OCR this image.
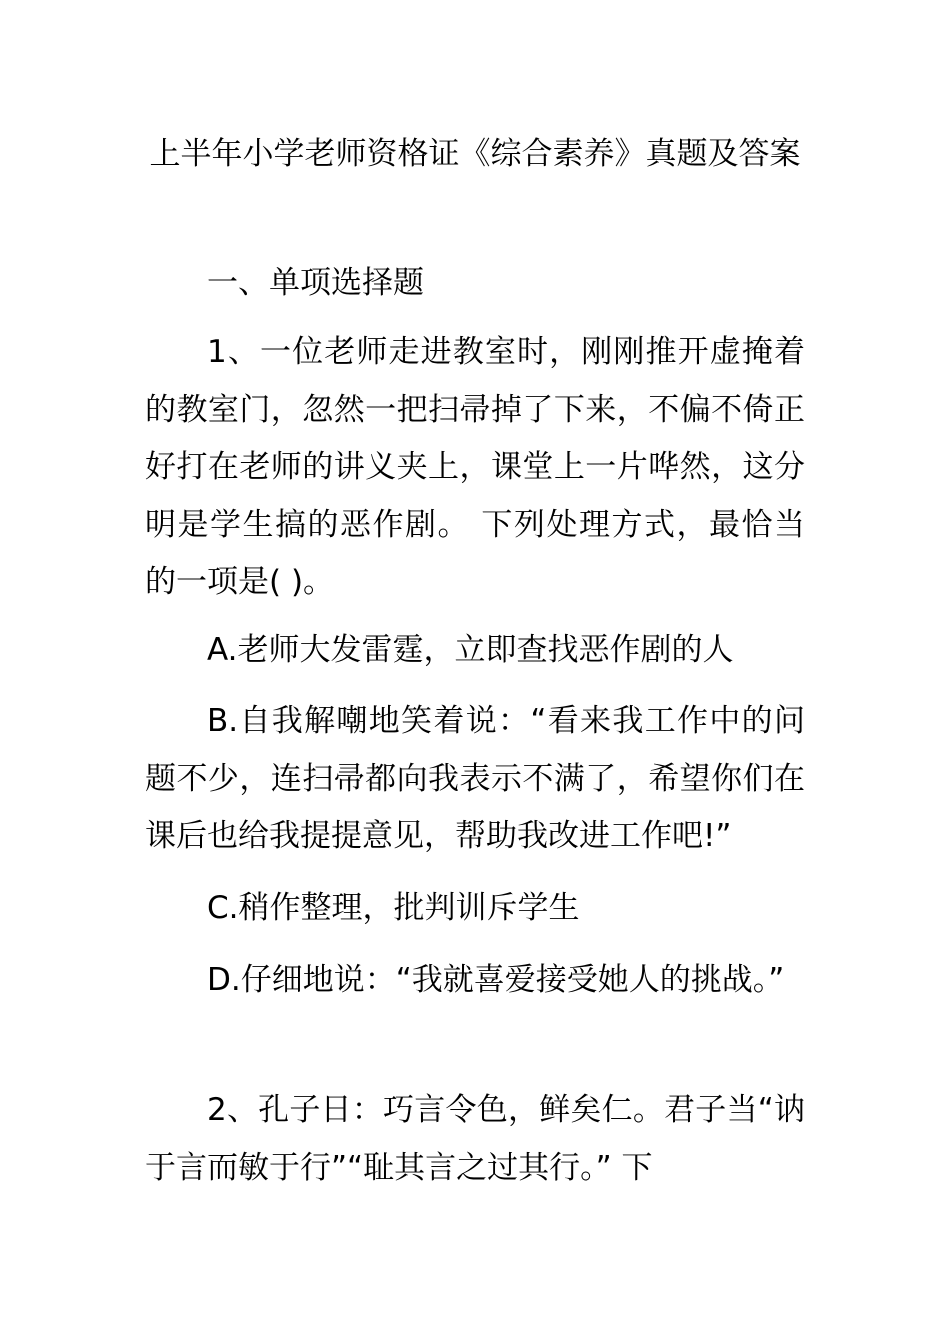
上半年小学老师资格证《综合素养》真题及答案
一、单项选择题
1、一位老师走进教室时，刚刚推开虚掩着的教室门，忽然一把扫帚掉了下来，不偏不倚正好打在老师的讲义夹上，课堂上一片哗然，这分明是学生搞的恶作剧。 下列处理方式，最恰当的一项是( )。
A.老师大发雷霆，立即查找恶作剧的人
B.自我解嘲地笑着说：“看来我工作中的问题不少，连扫帚都向我表示不满了，希望你们在课后也给我提提意见，帮助我改进工作吧!”
C.稍作整理，批判训斥学生
D.仔细地说：“我就喜爱接受她人的挑战。”
2、孔子日：巧言令色，鲜矣仁。君子当“讷于言而敏于行”“耻其言之过其行。” 下
